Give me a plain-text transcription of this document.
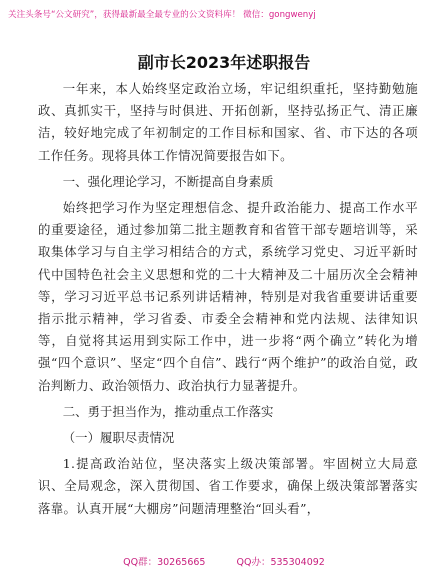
关注头条号“公文研究”，获得最新最全最专业的公文资料库！ 微信：gongwenyj
副市长2023年述职报告

一年来，本人始终坚定政治立场，牢记组织重托，坚持勤勉施政、真抓实干，坚持与时俱进、开拓创新，坚持弘扬正气、清正廉洁，较好地完成了年初制定的工作目标和国家、省、市下达的各项工作任务。现将具体工作情况简要报告如下。

一、强化理论学习，不断提高自身素质

始终把学习作为坚定理想信念、提升政治能力、提高工作水平的重要途径，通过参加第二批主题教育和省管干部专题培训等，采取集体学习与自主学习相结合的方式，系统学习党史、习近平新时代中国特色社会主义思想和党的二十大精神及二十届历次全会精神等，学习习近平总书记系列讲话精神，特别是对我省重要讲话重要指示批示精神，学习省委、市委全会精神和党内法规、法律知识等，自觉将其运用到实际工作中，进一步将“两个确立”转化为增强“四个意识”、坚定“四个自信”、践行“两个维护”的政治自觉，政治判断力、政治领悟力、政治执行力显著提升。

二、勇于担当作为，推动重点工作落实

（一）履职尽责情况

1.提高政治站位，坚决落实上级决策部署。牢固树立大局意识、全局观念，深入贯彻国、省工作要求，确保上级决策部署落实落靠。认真开展“大棚房”问题清理整治“回头看”，

QQ群：30265665	QQ办：535304092
